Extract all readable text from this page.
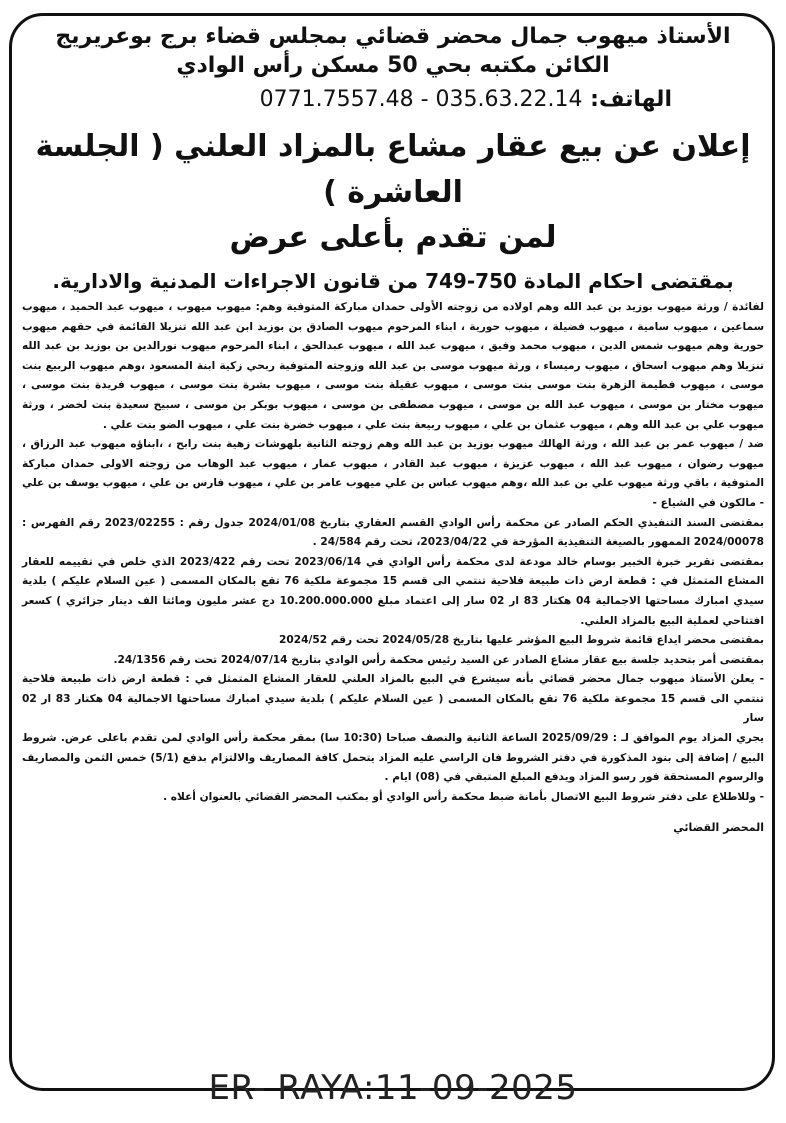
الأستاذ ميهوب جمال محضر قضائي بمجلس قضاء برج بوعريريج

الكائن مكتبه بحي 50 مسكن رأس الوادي

الهاتف: 0771.7557.48 - 035.63.22.14

إعلان عن بيع عقار مشاع بالمزاد العلني ( الجلسة العاشرة )

لمن تقدم بأعلى عرض

بمقتضى احكام المادة 750-749 من قانون الاجراءات المدنية والادارية.

لفائدة / ورثة ميهوب بوزيد بن عبد الله وهم اولاده من زوجته الأولى حمدان مباركة المتوفية وهم: ميهوب ميهوب ، ميهوب عبد الحميد ، ميهوب سماعين ، ميهوب سامية ، ميهوب فضيلة ، ميهوب حورية ، ابناء المرحوم ميهوب الصادق بن بوزيد ابن عبد الله تنزيلا القائمة في حقهم ميهوب حورية وهم ميهوب شمس الدين ، ميهوب محمد وفيق ، ميهوب عبد الله ، ميهوب عبدالحق ، ابناء المرحوم ميهوب نورالدين بن بوزيد بن عبد الله تنزيلا وهم ميهوب اسحاق ، ميهوب رميساء ، ورثة ميهوب موسى بن عبد الله وزوجته المتوفية ربحي زكية ابنة المسعود ،وهم ميهوب الربيع بنت موسى ، ميهوب فطيمة الزهرة بنت موسى بنت موسى ، ميهوب عقيلة بنت موسى ، ميهوب بشرة بنت موسى ، ميهوب فريدة بنت موسى ، ميهوب مختار بن موسى ، ميهوب عبد الله بن موسى ، ميهوب مصطفى بن موسى ، ميهوب بوبكر بن موسى ، سبيح سعيدة بنت لخضر ، ورثة ميهوب علي بن عبد الله وهم ، ميهوب عثمان بن علي ، ميهوب ربيعة بنت علي ، ميهوب خضرة بنت علي ، ميهوب الضو بنت علي .

ضد / ميهوب عمر بن عبد الله ، ورثة الهالك ميهوب بوزيد بن عبد الله وهم زوجته الثانية بلهوشات زهية بنت رابح ، ،ابناؤه ميهوب عبد الرزاق ، ميهوب رضوان ، ميهوب عبد الله ، ميهوب عزيزة ، ميهوب عبد القادر ، ميهوب عمار ، ميهوب عبد الوهاب من زوجته الاولى حمدان مباركة المتوفية ، باقي ورثة ميهوب علي بن عبد الله ،وهم ميهوب عباس بن علي ميهوب عامر بن علي ، ميهوب فارس بن علي ، ميهوب يوسف بن علي - مالكون في الشياع -

بمقتضى السند التنفيذي الحكم الصادر عن محكمة رأس الوادي القسم العقاري بتاريخ 2024/01/08 جدول رقم : 2023/02255 رقم الفهرس : 2024/00078 الممهور بالصيغة التنفيذية المؤرخة في 2023/04/22، تحت رقم 24/584 .

بمقتضى تقرير خبرة الخبير بوسام خالد مودعة لدى محكمة رأس الوادي في 2023/06/14 تحت رقم 2023/422 الذي خلص في تقييمه للعقار المشاع المتمثل في : قطعة ارض ذات طبيعة فلاحية تنتمي الى قسم 15 مجموعة ملكية 76 تقع بالمكان المسمى ( عين السلام عليكم ) بلدية سيدي امبارك مساحتها الاجمالية 04 هكتار 83 ار 02 سار إلى اعتماد مبلغ 10.200.000.000 دج عشر مليون ومائتا الف دينار جزائري ) كسعر افتتاحي لعملية البيع بالمزاد العلني.

بمقتضى محضر ايداع قائمة شروط البيع المؤشر عليها بتاريخ 2024/05/28 تحت رقم 2024/52

بمقتضى أمر بتحديد جلسة بيع عقار مشاع الصادر عن السيد رئيس محكمة رأس الوادي بتاريخ 2024/07/14 تحت رقم 24/1356.

- يعلن الأستاذ ميهوب جمال محضر قضائي بأنه سيشرع في البيع بالمزاد العلني للعقار المشاع المتمثل في : قطعة ارض ذات طبيعة فلاحية تنتمي الى قسم 15 مجموعة ملكية 76 تقع بالمكان المسمى ( عين السلام عليكم ) بلدية سيدي امبارك مساحتها الاجمالية 04 هكتار 83 ار 02 سار

يجري المزاد يوم الموافق لـ : 2025/09/29 الساعة الثانية والنصف صباحا (10:30 سا) بمقر محكمة رأس الوادي لمن تقدم باعلى عرض. شروط البيع / إضافة إلى بنود المذكورة في دفتر الشروط فان الراسي عليه المزاد يتحمل كافة المصاريف والالتزام بدفع (5/1) خمس الثمن والمصاريف والرسوم المستحقة فور رسو المزاد ويدفع المبلغ المتبقي في (08) ايام .

- وللاطلاع على دفتر شروط البيع الاتصال بأمانة ضبط محكمة رأس الوادي أو بمكتب المحضر القضائي بالعنوان أعلاه .

المحضر القضائي

ER- RAYA:11-09-2025
